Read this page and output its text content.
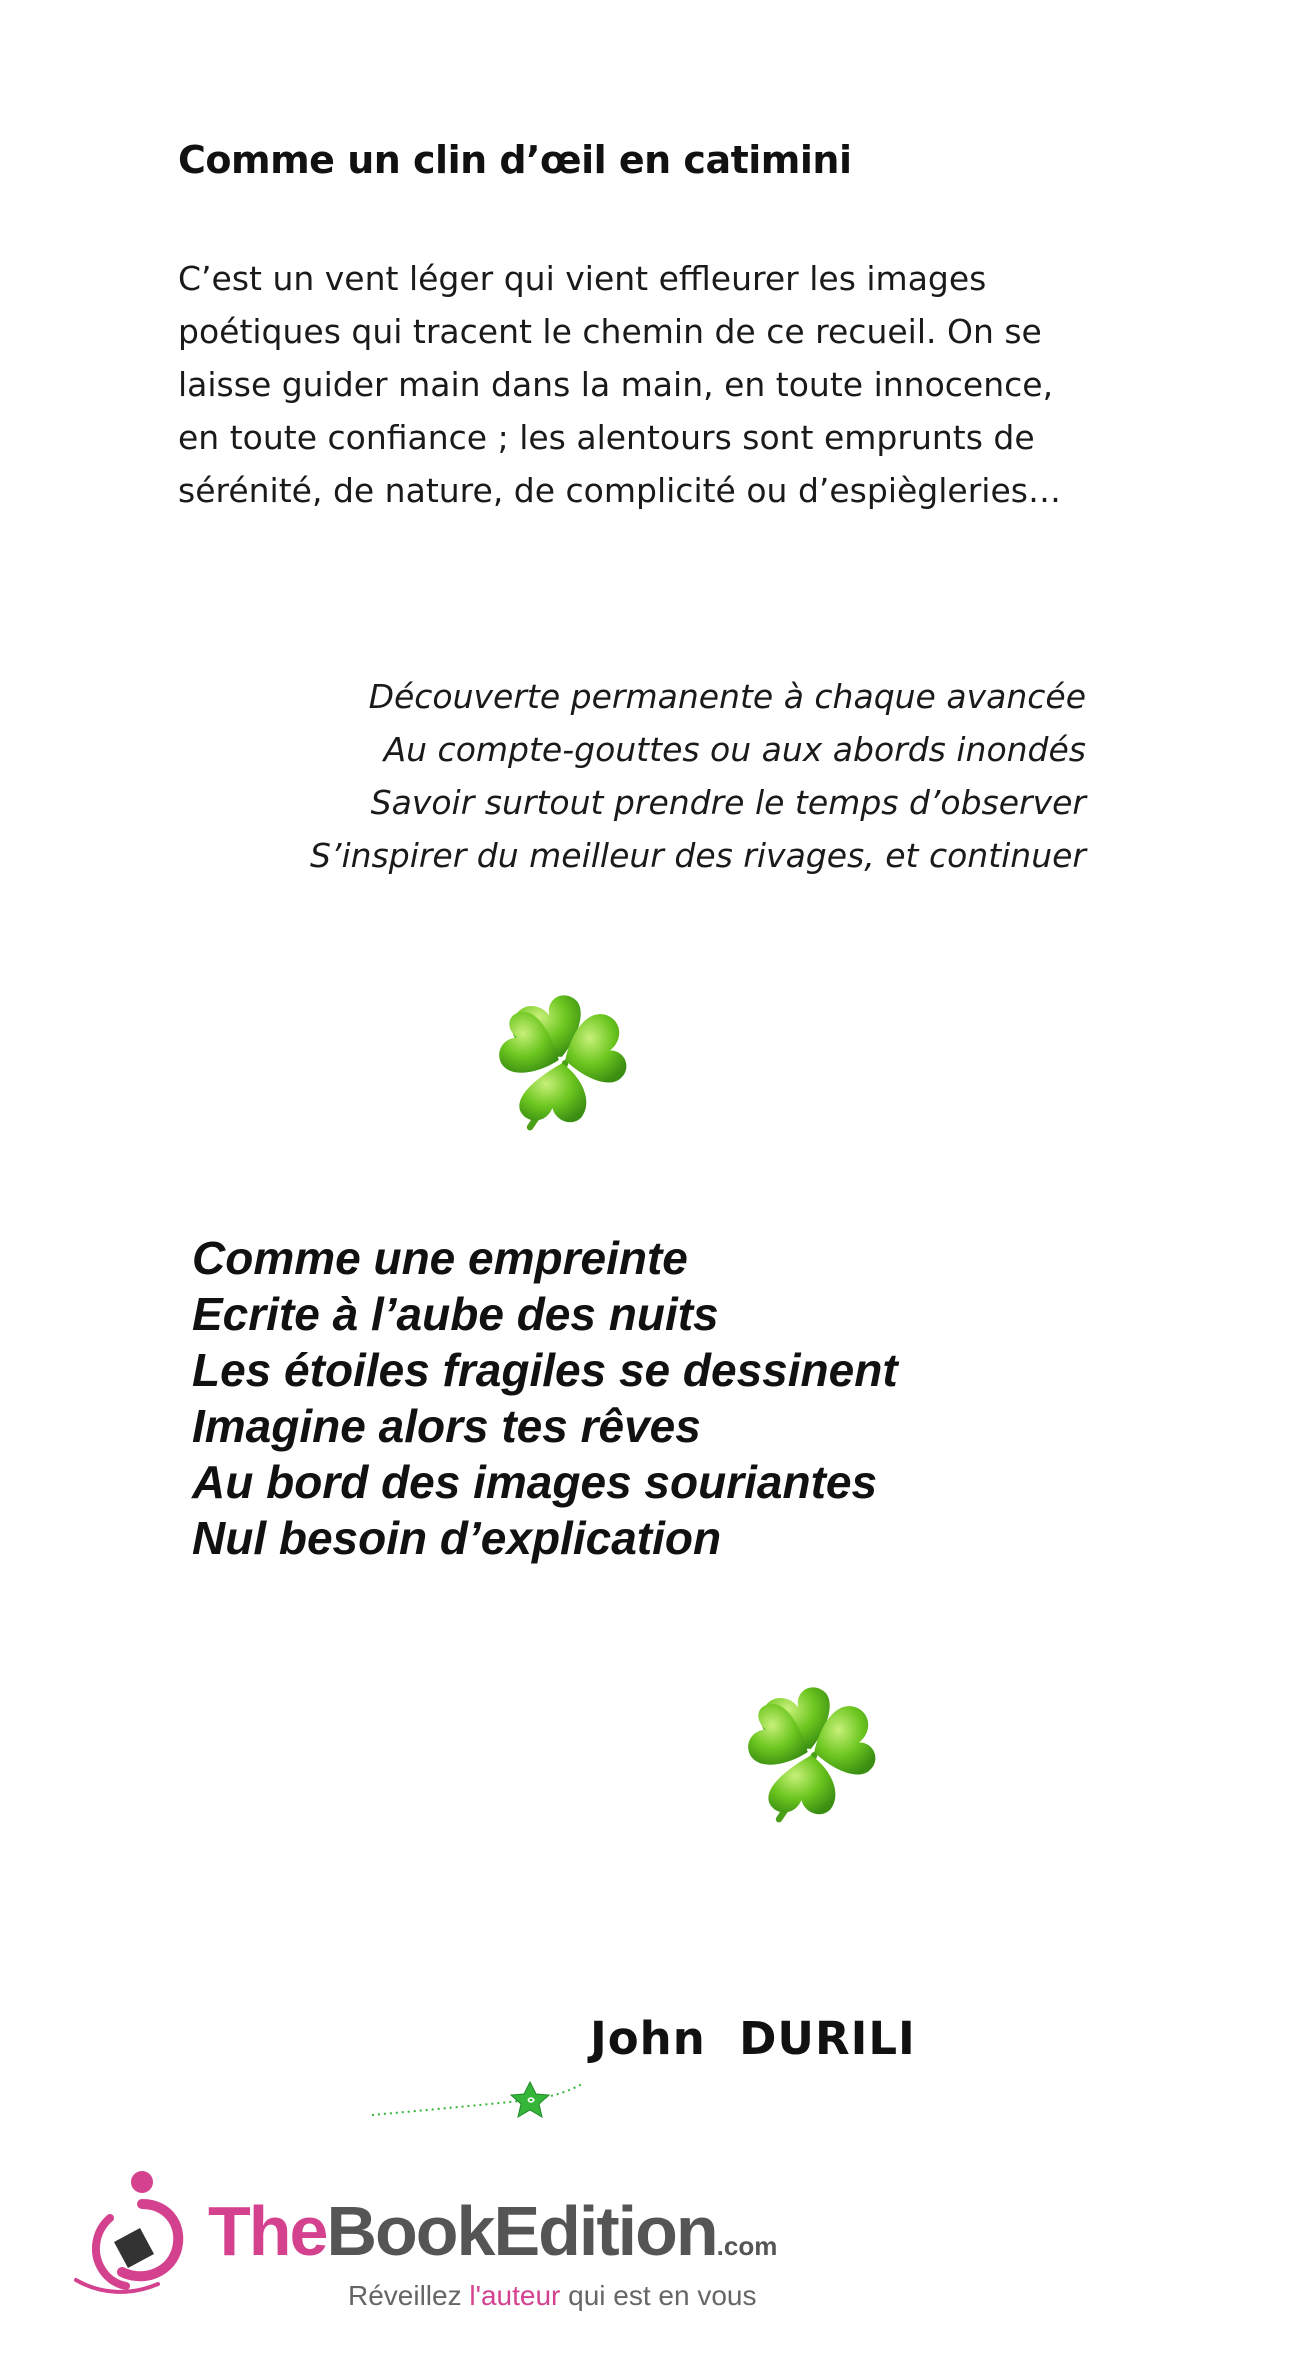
Comme un clin d’œil en catimini
C’est un vent léger qui vient effleurer les images
poétiques qui tracent le chemin de ce recueil. On se
laisse guider main dans la main, en toute innocence,
en toute confiance ; les alentours sont emprunts de
sérénité, de nature, de complicité ou d’espiègleries…
Découverte permanente à chaque avancée
Au compte-gouttes ou aux abords inondés
Savoir surtout prendre le temps d’observer
S’inspirer du meilleur des rivages, et continuer
Comme une empreinte
Ecrite à l’aube des nuits
Les étoiles fragiles se dessinent
Imagine alors tes rêves
Au bord des images souriantes
Nul besoin d’explication
John  DURILI
TheBookEdition.com
Réveillez l'auteur qui est en vous
